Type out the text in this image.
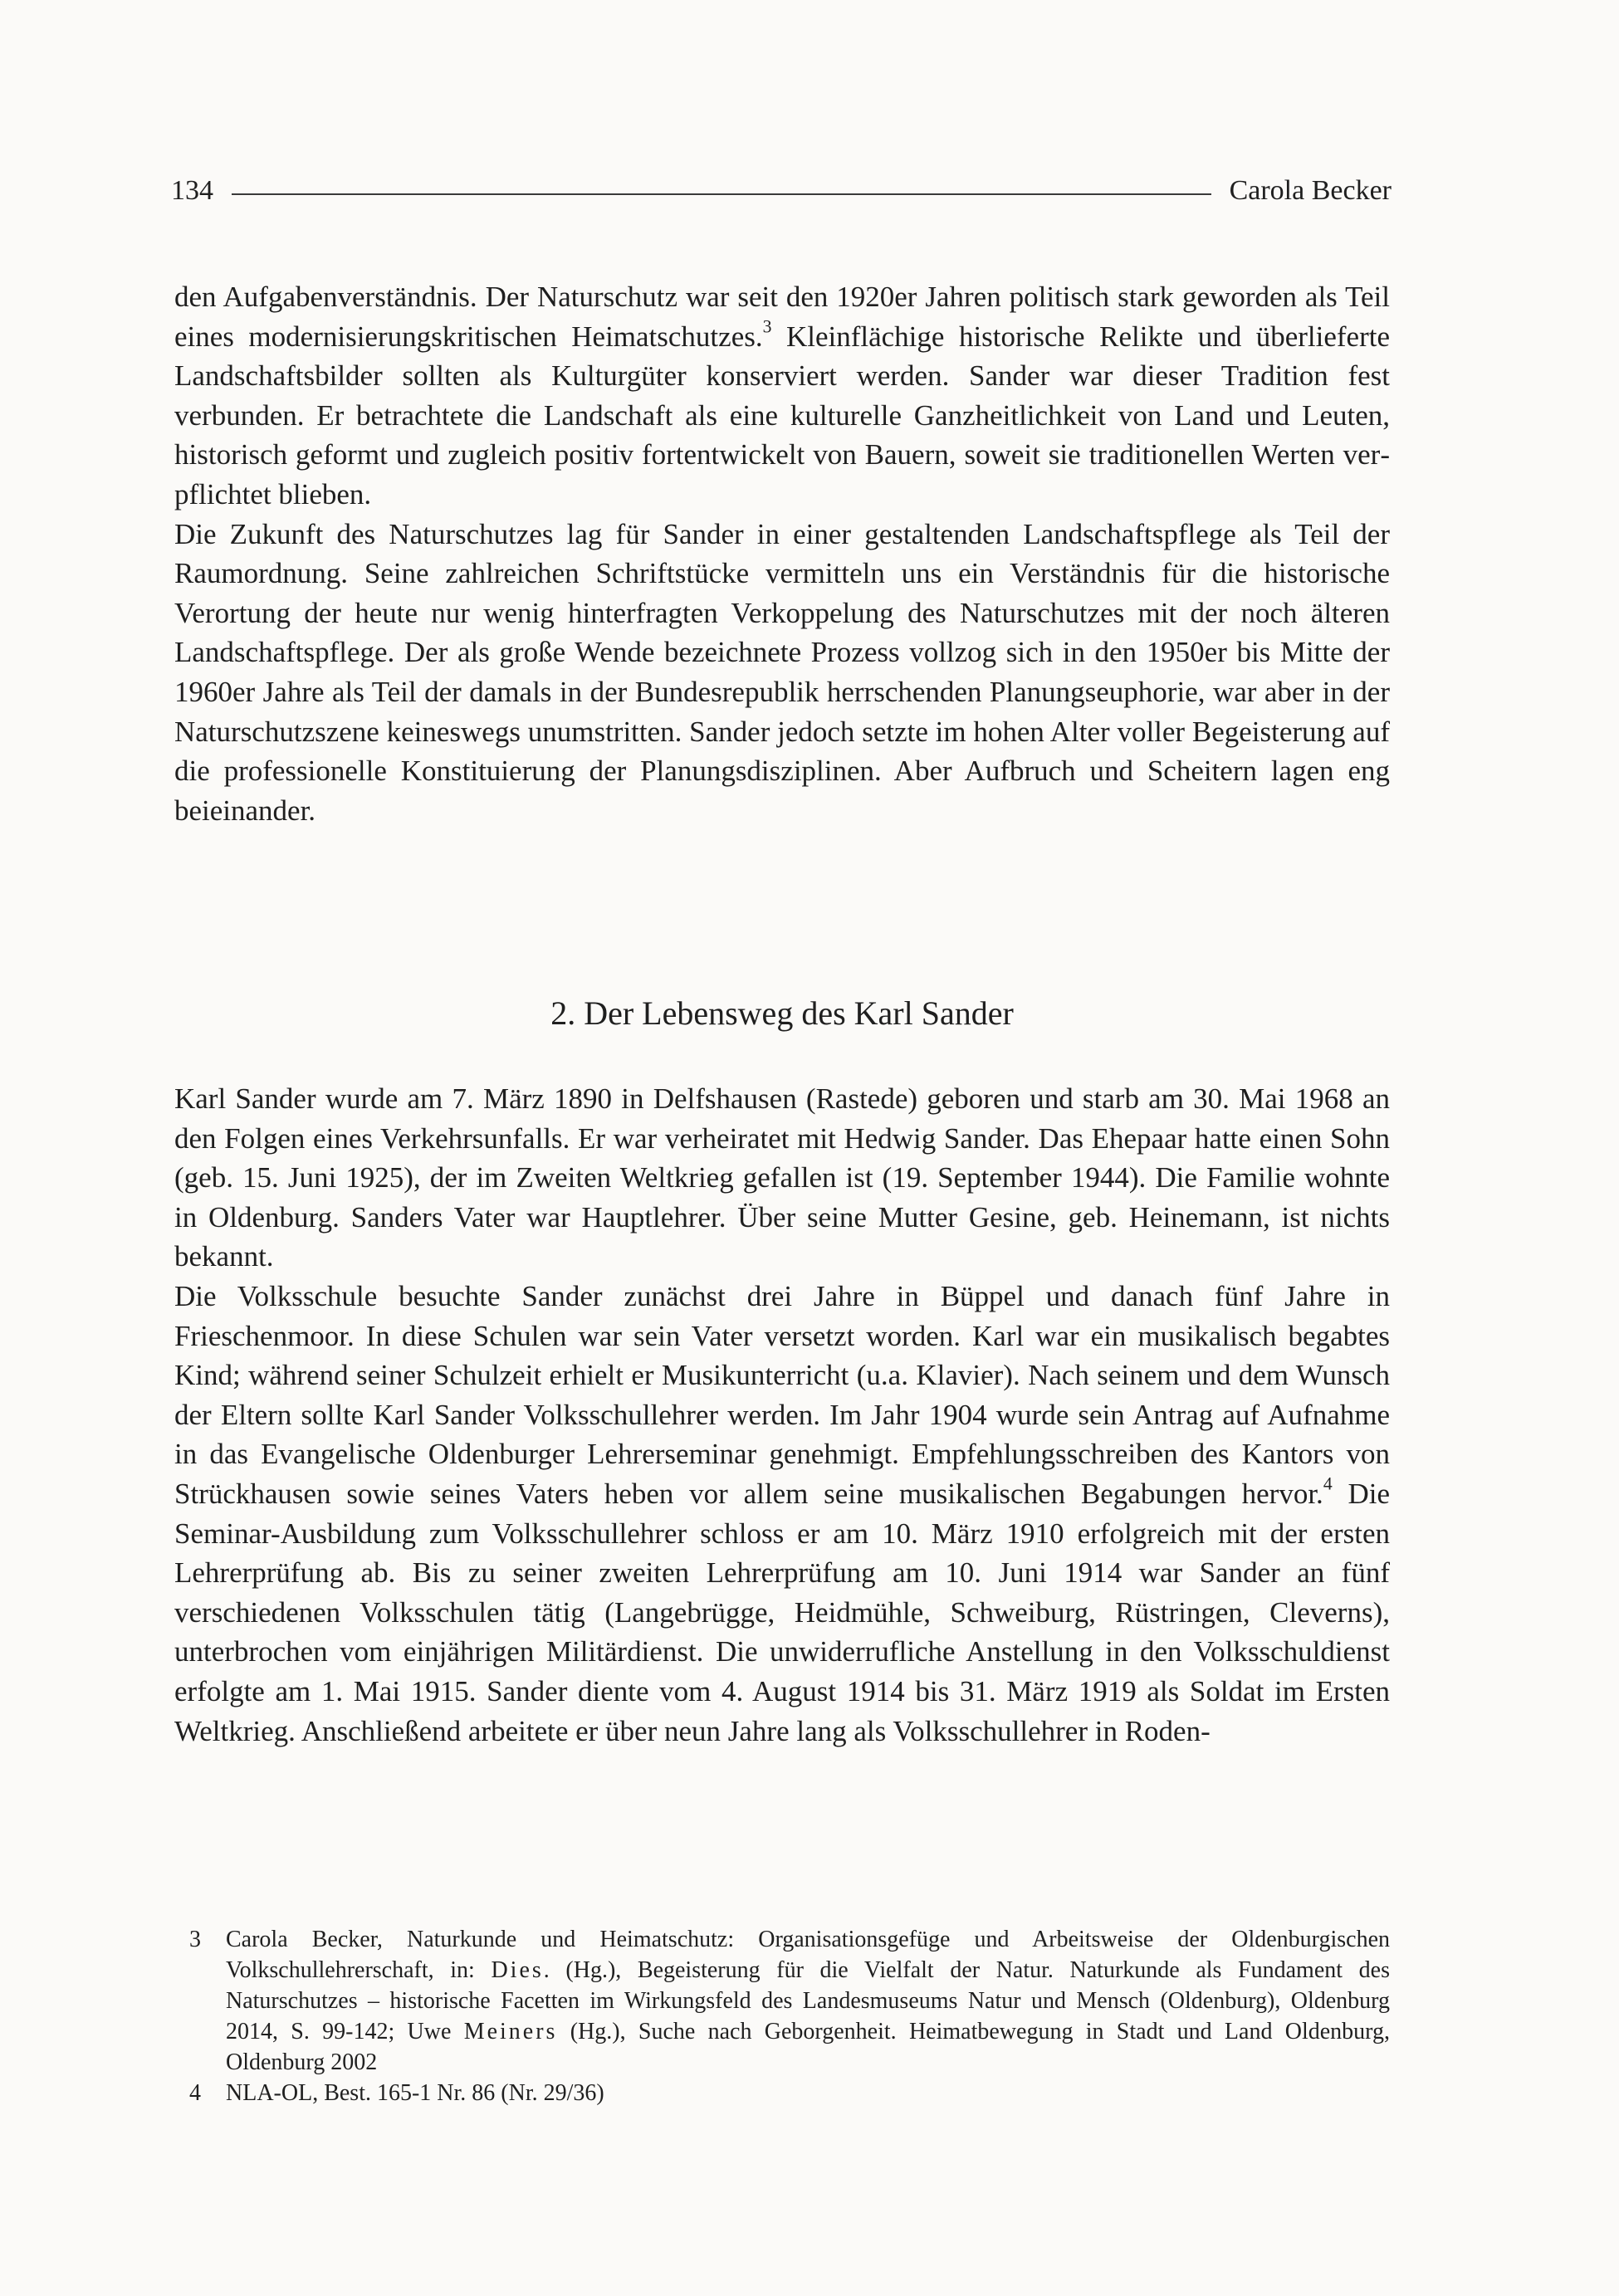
134	Carola Becker

den Aufgabenverständnis. Der Naturschutz war seit den 1920er Jahren politisch stark geworden als Teil eines modernisierungskritischen Heimatschutzes.$^3$ Kleinflächige historische Relikte und überlieferte Landschaftsbilder sollten als Kulturgüter konserviert werden. Sander war dieser Tradition fest verbunden. Er betrachtete die Landschaft als eine kulturelle Ganzheitlichkeit von Land und Leuten, historisch geformt und zugleich positiv fortentwickelt von Bauern, soweit sie traditionellen Werten verpflichtet blieben.

Die Zukunft des Naturschutzes lag für Sander in einer gestaltenden Landschaftspflege als Teil der Raumordnung. Seine zahlreichen Schriftstücke vermitteln uns ein Verständnis für die historische Verortung der heute nur wenig hinterfragten Verkoppelung des Naturschutzes mit der noch älteren Landschaftspflege. Der als große Wende bezeichnete Prozess vollzog sich in den 1950er bis Mitte der 1960er Jahre als Teil der damals in der Bundesrepublik herrschenden Planungseuphorie, war aber in der Naturschutzszene keineswegs unumstritten. Sander jedoch setzte im hohen Alter voller Begeisterung auf die professionelle Konstituierung der Planungsdisziplinen. Aber Aufbruch und Scheitern lagen eng beieinander.

2. Der Lebensweg des Karl Sander

Karl Sander wurde am 7. März 1890 in Delfshausen (Rastede) geboren und starb am 30. Mai 1968 an den Folgen eines Verkehrsunfalls. Er war verheiratet mit Hedwig Sander. Das Ehepaar hatte einen Sohn (geb. 15. Juni 1925), der im Zweiten Weltkrieg gefallen ist (19. September 1944). Die Familie wohnte in Oldenburg. Sanders Vater war Hauptlehrer. Über seine Mutter Gesine, geb. Heinemann, ist nichts bekannt.

Die Volksschule besuchte Sander zunächst drei Jahre in Büppel und danach fünf Jahre in Frieschenmoor. In diese Schulen war sein Vater versetzt worden. Karl war ein musikalisch begabtes Kind; während seiner Schulzeit erhielt er Musikunterricht (u.a. Klavier). Nach seinem und dem Wunsch der Eltern sollte Karl Sander Volksschullehrer werden. Im Jahr 1904 wurde sein Antrag auf Aufnahme in das Evangelische Oldenburger Lehrerseminar genehmigt. Empfehlungsschreiben des Kantors von Strückhausen sowie seines Vaters heben vor allem seine musikalischen Begabungen hervor.$^4$ Die Seminar-Ausbildung zum Volksschullehrer schloss er am 10. März 1910 erfolgreich mit der ersten Lehrerprüfung ab. Bis zu seiner zweiten Lehrerprüfung am 10. Juni 1914 war Sander an fünf verschiedenen Volksschulen tätig (Langebrügge, Heidmühle, Schweiburg, Rüstringen, Cleverns), unterbrochen vom einjährigen Militärdienst. Die unwiderrufliche Anstellung in den Volksschuldienst erfolgte am 1. Mai 1915. Sander diente vom 4. August 1914 bis 31. März 1919 als Soldat im Ersten Weltkrieg. Anschließend arbeitete er über neun Jahre lang als Volksschullehrer in Roden-

3	Carola Becker, Naturkunde und Heimatschutz: Organisationsgefüge und Arbeitsweise der Oldenburgischen Volkschullehrerschaft, in: Dies. (Hg.), Begeisterung für die Vielfalt der Natur. Naturkunde als Fundament des Naturschutzes – historische Facetten im Wirkungsfeld des Landesmuseums Natur und Mensch (Oldenburg), Oldenburg 2014, S. 99-142; Uwe Meiners (Hg.), Suche nach Geborgenheit. Heimatbewegung in Stadt und Land Oldenburg, Oldenburg 2002
4	NLA-OL, Best. 165-1 Nr. 86 (Nr. 29/36)
